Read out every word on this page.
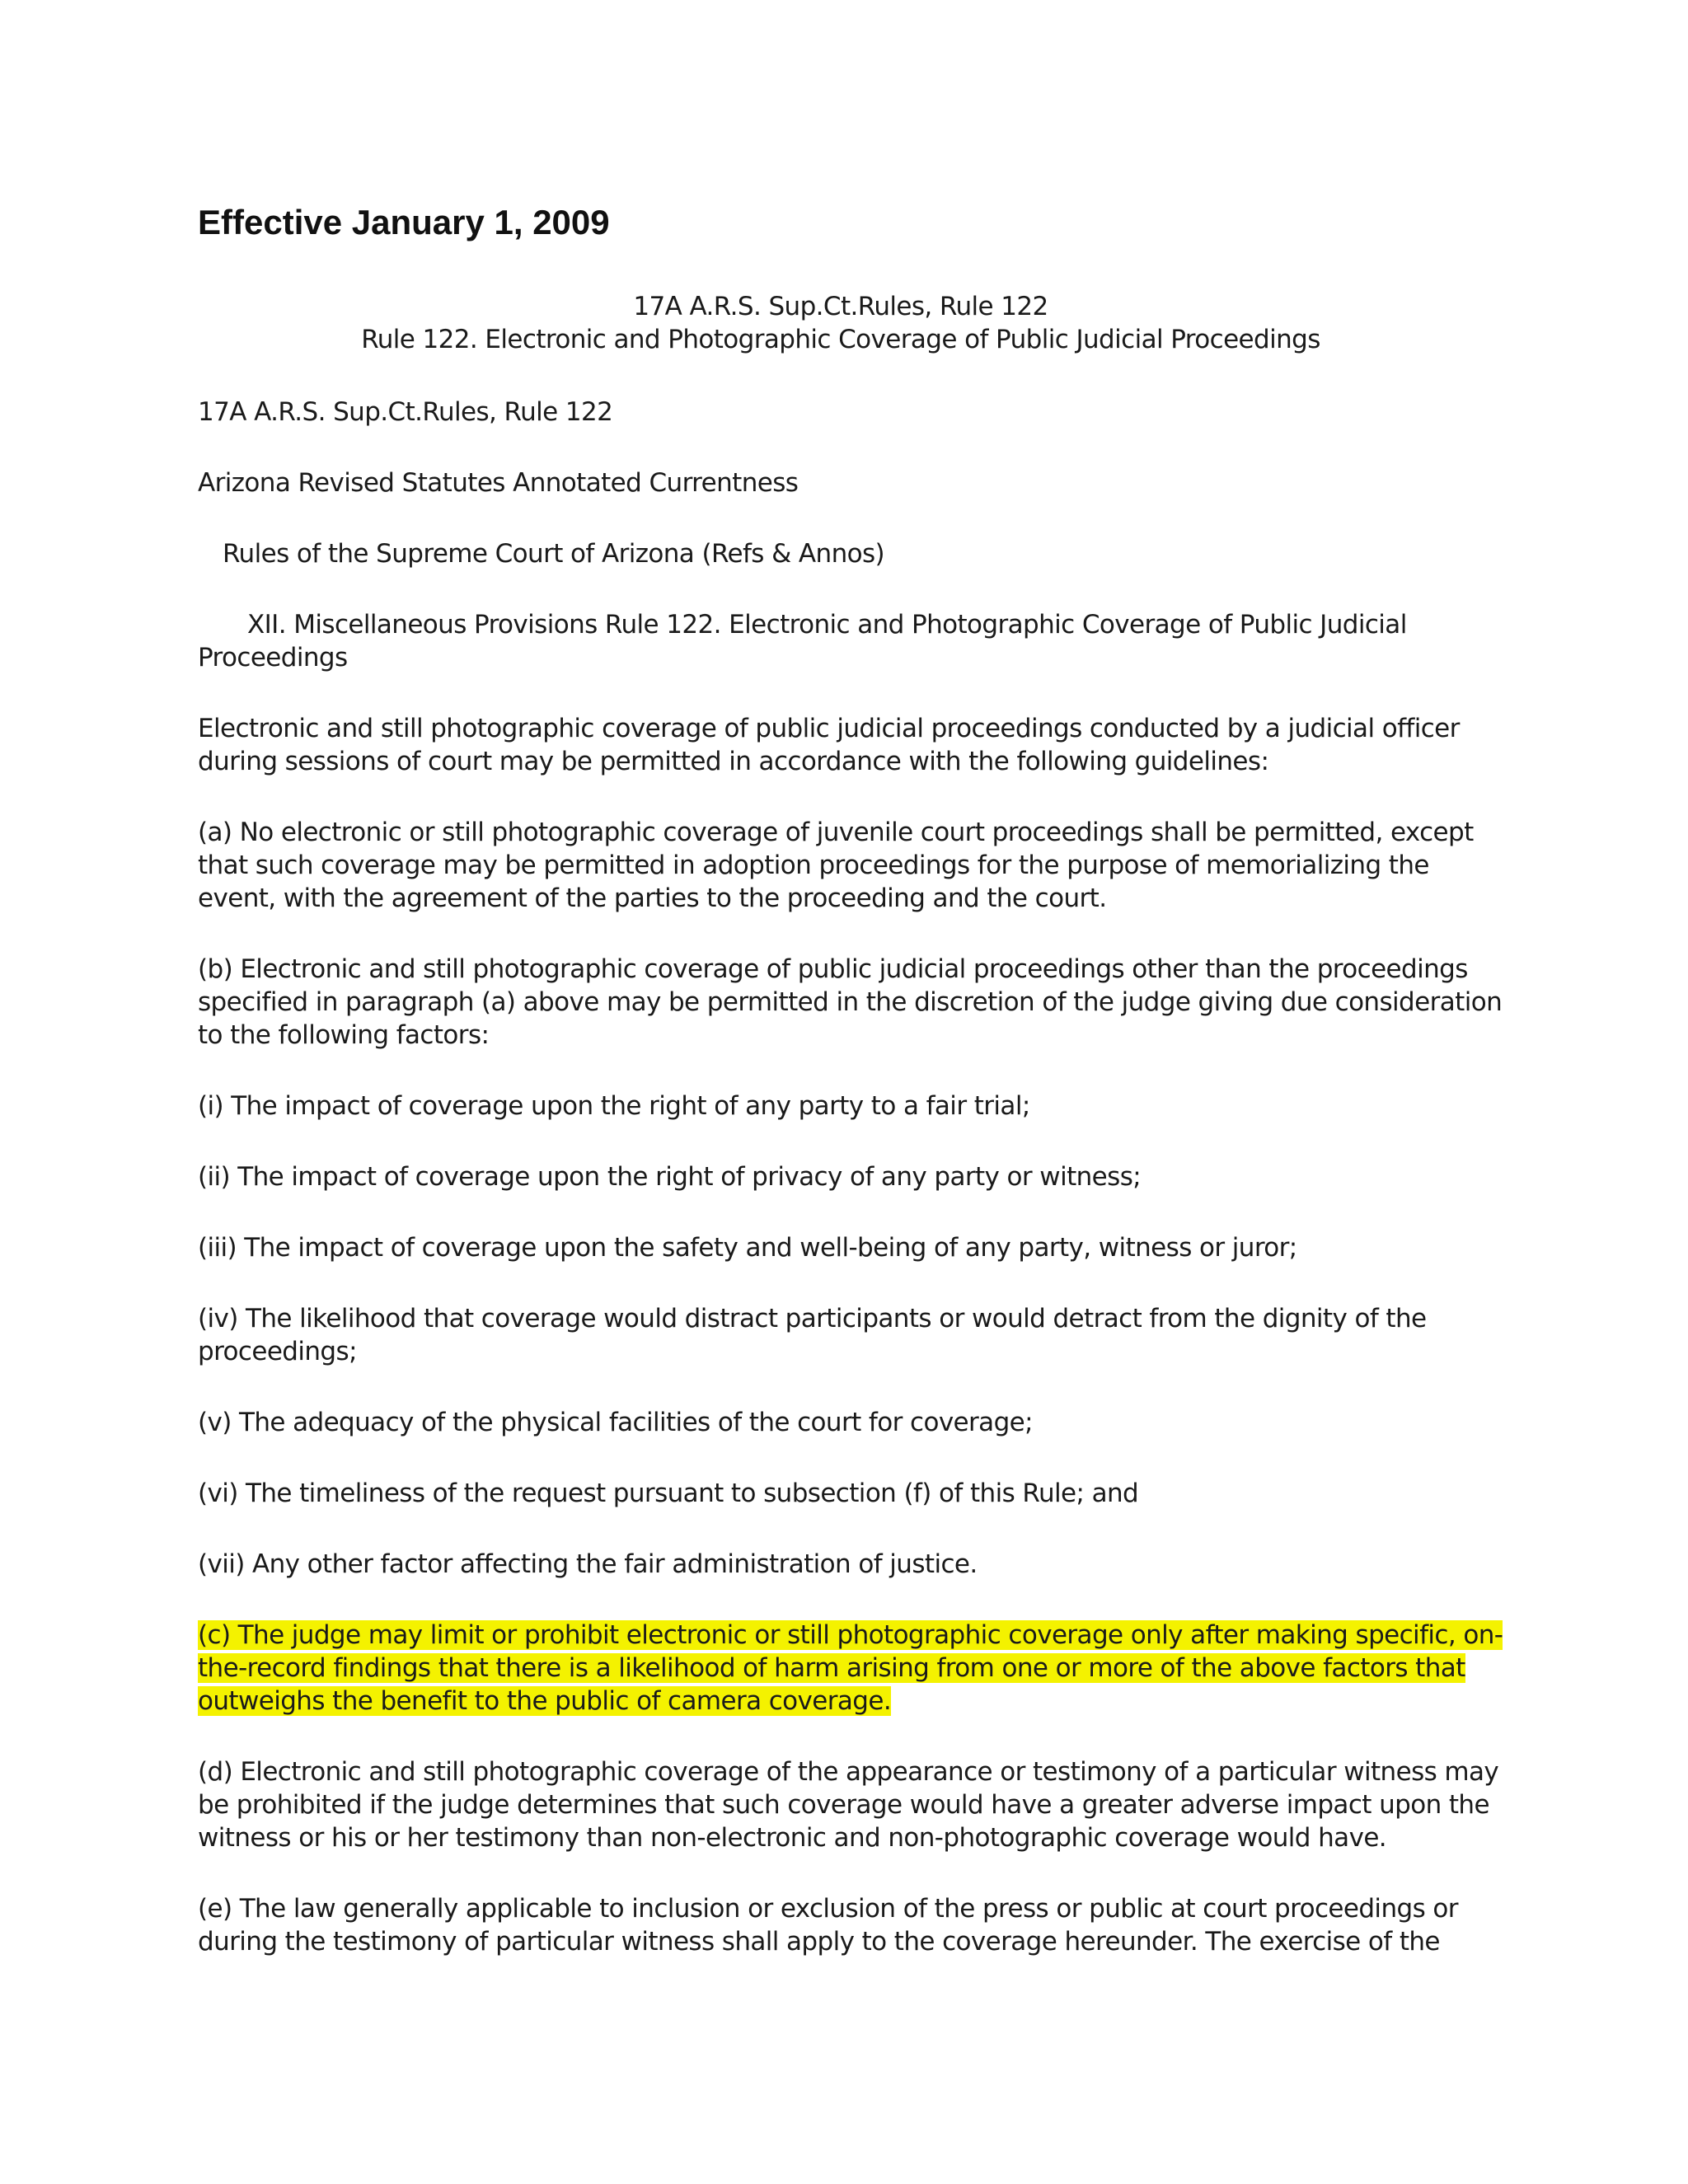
Effective January 1, 2009
17A A.R.S. Sup.Ct.Rules, Rule 122
Rule 122. Electronic and Photographic Coverage of Public Judicial Proceedings

17A A.R.S. Sup.Ct.Rules, Rule 122

Arizona Revised Statutes Annotated Currentness

Rules of the Supreme Court of Arizona (Refs & Annos)

XII. Miscellaneous Provisions Rule 122. Electronic and Photographic Coverage of Public Judicial Proceedings

Electronic and still photographic coverage of public judicial proceedings conducted by a judicial officer during sessions of court may be permitted in accordance with the following guidelines:

(a) No electronic or still photographic coverage of juvenile court proceedings shall be permitted, except that such coverage may be permitted in adoption proceedings for the purpose of memorializing the event, with the agreement of the parties to the proceeding and the court.

(b) Electronic and still photographic coverage of public judicial proceedings other than the proceedings specified in paragraph (a) above may be permitted in the discretion of the judge giving due consideration to the following factors:

(i) The impact of coverage upon the right of any party to a fair trial;

(ii) The impact of coverage upon the right of privacy of any party or witness;

(iii) The impact of coverage upon the safety and well-being of any party, witness or juror;

(iv) The likelihood that coverage would distract participants or would detract from the dignity of the proceedings;

(v) The adequacy of the physical facilities of the court for coverage;

(vi) The timeliness of the request pursuant to subsection (f) of this Rule; and

(vii) Any other factor affecting the fair administration of justice.

(c) The judge may limit or prohibit electronic or still photographic coverage only after making specific, on-the-record findings that there is a likelihood of harm arising from one or more of the above factors that outweighs the benefit to the public of camera coverage.

(d) Electronic and still photographic coverage of the appearance or testimony of a particular witness may be prohibited if the judge determines that such coverage would have a greater adverse impact upon the witness or his or her testimony than non-electronic and non-photographic coverage would have.

(e) The law generally applicable to inclusion or exclusion of the press or public at court proceedings or during the testimony of particular witness shall apply to the coverage hereunder. The exercise of the
